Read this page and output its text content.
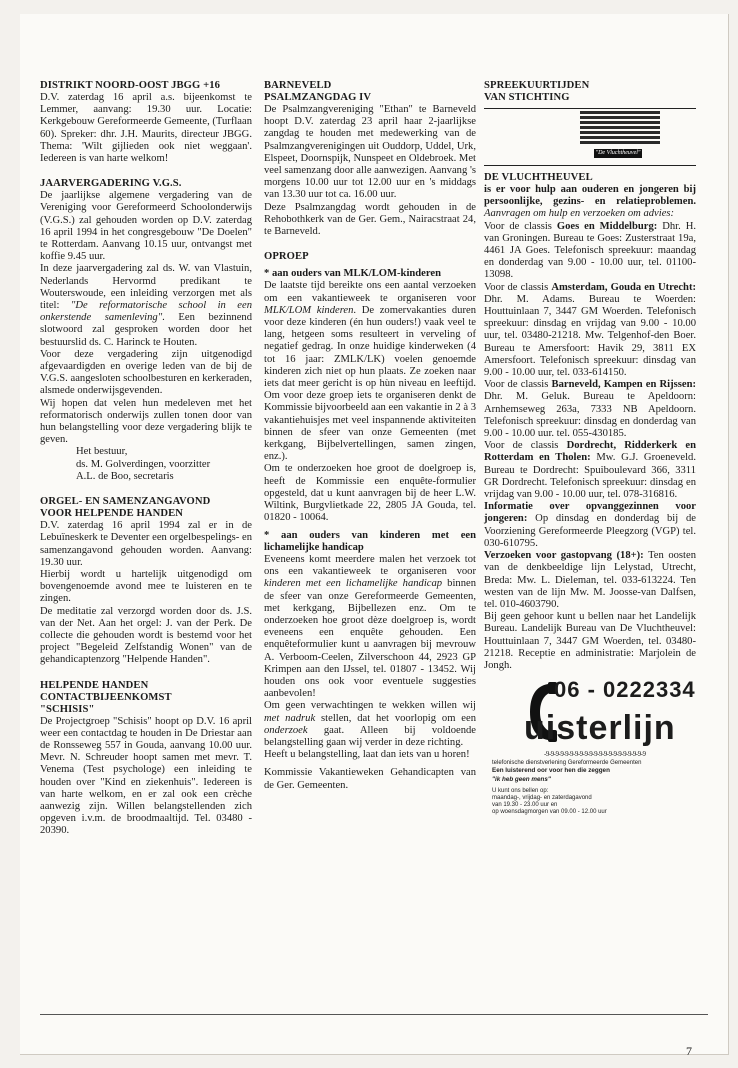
DISTRIKT NOORD-OOST JBGG +16

D.V. zaterdag 16 april a.s. bijeenkomst te Lemmer, aanvang: 19.30 uur. Locatie: Kerkgebouw Gereformeerde Gemeente, (Turflaan 60). Spreker: dhr. J.H. Maurits, directeur JBGG. Thema: 'Wilt gijlieden ook niet weggaan'. Iedereen is van harte welkom!

JAARVERGADERING V.G.S.

De jaarlijkse algemene vergadering van de Vereniging voor Gereformeerd Schoolonderwijs (V.G.S.) zal gehouden worden op D.V. zaterdag 16 april 1994 in het congresgebouw "De Doelen" te Rotterdam. Aanvang 10.15 uur, ontvangst met koffie 9.45 uur.

In deze jaarvergadering zal ds. W. van Vlastuin, Nederlands Hervormd predikant te Wouterswoude, een inleiding verzorgen met als titel: "De reformatorische school in een onkerstende samenleving". Een bezinnend slotwoord zal gesproken worden door het bestuurslid ds. C. Harinck te Houten.

Voor deze vergadering zijn uitgenodigd afgevaardigden en overige leden van de bij de V.G.S. aangesloten schoolbesturen en kerkeraden, alsmede onderwijsgevenden.

Wij hopen dat velen hun medeleven met het reformatorisch onderwijs zullen tonen door van hun belangstelling voor deze vergadering blijk te geven.

Het bestuur,

ds. M. Golverdingen, voorzitter

A.L. de Boo, secretaris

ORGEL- EN SAMENZANGAVOND
VOOR HELPENDE HANDEN

D.V. zaterdag 16 april 1994 zal er in de Lebuïneskerk te Deventer een orgelbespelings- en samenzangavond gehouden worden. Aanvang: 19.30 uur.

Hierbij wordt u hartelijk uitgenodigd om bovengenoemde avond mee te luisteren en te zingen.

De meditatie zal verzorgd worden door ds. J.S. van der Net. Aan het orgel: J. van der Perk. De collecte die gehouden wordt is bestemd voor het project "Begeleid Zelfstandig Wonen" van de gehandicaptenzorg "Helpende Handen".

HELPENDE HANDEN
CONTACTBIJEENKOMST
"SCHISIS"

De Projectgroep "Schisis" hoopt op D.V. 16 april weer een contactdag te houden in De Driestar aan de Ronsseweg 557 in Gouda, aanvang 10.00 uur. Mevr. N. Schreuder hoopt samen met mevr. T. Venema (Test psychologe) een inleiding te houden over "Kind en ziekenhuis". Iedereen is van harte welkom, en er zal ook een crèche aanwezig zijn. Willen belangstellenden zich opgeven i.v.m. de broodmaaltijd. Tel. 03480 - 20390.

BARNEVELD
PSALMZANGDAG IV

De Psalmzangvereniging "Ethan" te Barneveld hoopt D.V. zaterdag 23 april haar 2-jaarlijkse zangdag te houden met medewerking van de Psalmzangverenigingen uit Ouddorp, Uddel, Urk, Elspeet, Doornspijk, Nunspeet en Oldebroek. Met veel samenzang door alle aanwezigen. Aanvang 's morgens 10.00 uur tot 12.00 uur en 's middags van 13.30 uur tot ca. 16.00 uur.

Deze Psalmzangdag wordt gehouden in de Rehobothkerk van de Ger. Gem., Nairacstraat 24, te Barneveld.

OPROEP

* aan ouders van MLK/LOM-kinderen

De laatste tijd bereikte ons een aantal verzoeken om een vakantieweek te organiseren voor MLK/LOM kinderen. De zomervakanties duren voor deze kinderen (én hun ouders!) vaak veel te lang, hetgeen soms resulteert in verveling of negatief gedrag. In onze huidige kinderweken (4 tot 16 jaar: ZMLK/LK) voelen genoemde kinderen zich niet op hun plaats. Ze zoeken naar iets dat meer gericht is op hùn niveau en leeftijd. Om voor deze groep iets te organiseren denkt de Kommissie bijvoorbeeld aan een vakantie in 2 à 3 vakantiehuisjes met veel inspannende aktiviteiten binnen de sfeer van onze Gemeenten (met kerkgang, Bijbelvertellingen, samen zingen, enz.).

Om te onderzoeken hoe groot de doelgroep is, heeft de Kommissie een enquête-formulier opgesteld, dat u kunt aanvragen bij de heer L.W. Wiltink, Burgvlietkade 22, 2805 JA Gouda, tel. 01820 - 10064.

* aan ouders van kinderen met een lichamelijke handicap

Eveneens komt meerdere malen het verzoek tot ons een vakantieweek te organiseren voor kinderen met een lichamelijke handicap binnen de sfeer van onze Gereformeerde Gemeenten, met kerkgang, Bijbellezen enz. Om te onderzoeken hoe groot dèze doelgroep is, wordt eveneens een enquête gehouden. Een enquêteformulier kunt u aanvragen bij mevrouw A. Verboom-Ceelen, Zilverschoon 44, 2923 GP Krimpen aan den IJssel, tel. 01807 - 13452. Wij houden ons ook voor eventuele suggesties aanbevolen!

Om geen verwachtingen te wekken willen wij met nadruk stellen, dat het voorlopig om een onderzoek gaat. Alleen bij voldoende belangstelling gaan wij verder in deze richting.

Heeft u belangstelling, laat dan iets van u horen!

Kommissie Vakantieweken Gehandicapten van de Ger. Gemeenten.

SPREEKUURTIJDEN
VAN STICHTING
"De Vluchtheuvel"
DE VLUCHTHEUVEL

is er voor hulp aan ouderen en jongeren bij persoonlijke, gezins- en relatieproblemen. Aanvragen om hulp en verzoeken om advies:

Voor de classis Goes en Middelburg: Dhr. H. van Groningen. Bureau te Goes: Zusterstraat 19a, 4461 JA Goes. Telefonisch spreekuur: maandag en donderdag van 9.00 - 10.00 uur, tel. 01100-13098.

Voor de classis Amsterdam, Gouda en Utrecht: Dhr. M. Adams. Bureau te Woerden: Houttuinlaan 7, 3447 GM Woerden. Telefonisch spreekuur: dinsdag en vrijdag van 9.00 - 10.00 uur, tel. 03480-21218. Mw. Telgenhof-den Boer. Bureau te Amersfoort: Havik 29, 3811 EX Amersfoort. Telefonisch spreekuur: dinsdag van 9.00 - 10.00 uur, tel. 033-614150.

Voor de classis Barneveld, Kampen en Rijssen: Dhr. M. Geluk. Bureau te Apeldoorn: Arnhemseweg 263a, 7333 NB Apeldoorn. Telefonisch spreekuur: dinsdag en donderdag van 9.00 - 10.00 uur. tel. 055-430185.

Voor de classis Dordrecht, Ridderkerk en Rotterdam en Tholen: Mw. G.J. Groeneveld. Bureau te Dordrecht: Spuiboulevard 366, 3311 GR Dordrecht. Telefonisch spreekuur: dinsdag en vrijdag van 9.00 - 10.00 uur, tel. 078-316816.

Informatie over opvanggezinnen voor jongeren: Op dinsdag en donderdag bij de Voorziening Gereformeerde Pleegzorg (VGP) tel. 030-610795.

Verzoeken voor gastopvang (18+): Ten oosten van de denkbeeldige lijn Lelystad, Utrecht, Breda: Mw. L. Dieleman, tel. 033-613224. Ten westen van de lijn Mw. M. Joosse-van Dalfsen, tel. 010-4603790.

Bij geen gehoor kunt u bellen naar het Landelijk Bureau. Landelijk Bureau van De Vluchtheuvel: Houttuinlaan 7, 3447 GM Woerden, tel. 03480-21218. Receptie en administratie: Marjolein de Jongh.

06 - 0222334
uisterlijn
-9-9-9-9-9-9-9-9-9-9-9-9-9-9-9-9-9-9-9-9-9
telefonische dienstverlening Gereformeerde Gemeenten
Een luisterend oor voor hen die zeggen
"ik heb geen mens"
U kunt ons bellen op:
maandag-, vrijdag- en zaterdagavond
van 19.30 - 23.00 uur en
op woensdagmorgen van 09.00 - 12.00 uur
7
